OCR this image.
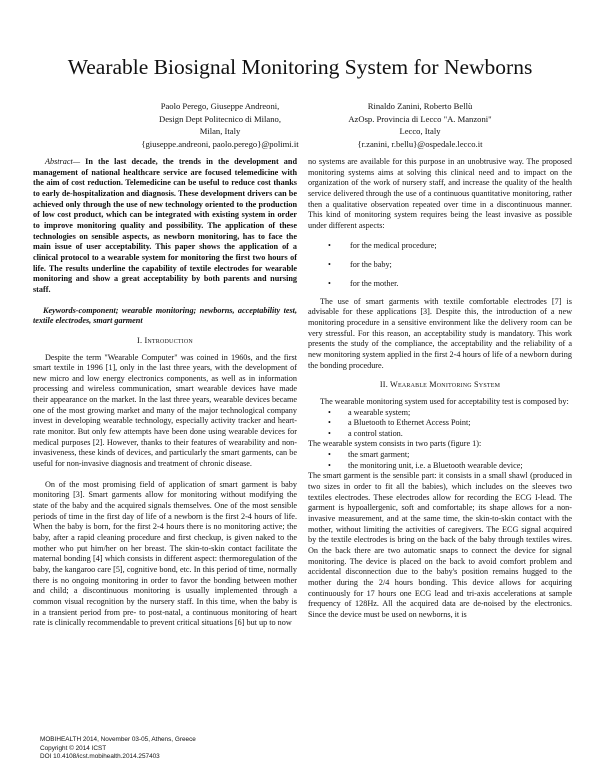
Wearable Biosignal Monitoring System for Newborns
Paolo Perego, Giuseppe Andreoni,
Design Dept Politecnico di Milano,
Milan, Italy
{giuseppe.andreoni, paolo.perego}@polimi.it
Rinaldo Zanini, Roberto Bellù
AzOsp. Provincia di Lecco "A. Manzoni"
Lecco, Italy
{r.zanini, r.bellu}@ospedale.lecco.it

Abstract— In the last decade, the trends in the development and management of national healthcare service are focused telemedicine with the aim of cost reduction. Telemedicine can be useful to reduce cost thanks to early de-hospitalization and diagnosis. These development drivers can be achieved only through the use of new technology oriented to the production of low cost product, which can be integrated with existing system in order to improve monitoring quality and possibility. The application of these technologies on sensible aspects, as newborn monitoring, has to face the main issue of user acceptability. This paper shows the application of a clinical protocol to a wearable system for monitoring the first two hours of life. The results underline the capability of textile electrodes for wearable monitoring and show a great acceptability by both parents and nursing staff.

Keywords-component; wearable monitoring; newborns, acceptability test, textile electrodes, smart garment

I. Introduction

Despite the term "Wearable Computer" was coined in 1960s, and the first smart textile in 1996 [1], only in the last three years, with the development of new micro and low energy electronics components, as well as in information processing and wireless communication, smart wearable devices have made their appearance on the market. In the last three years, wearable devices became one of the most growing market and many of the major technological company invest in developing wearable technology, especially activity tracker and heart-rate monitor. But only few attempts have been done using wearable devices for medical purposes [2]. However, thanks to their features of wearability and non-invasiveness, these kinds of devices, and particularly the smart garments, can be useful for non-invasive diagnosis and treatment of chronic disease.

On of the most promising field of application of smart garment is baby monitoring [3]. Smart garments allow for monitoring without modifying the state of the baby and the acquired signals themselves. One of the most sensible periods of time in the first day of life of a newborn is the first 2-4 hours of life. When the baby is born, for the first 2-4 hours there is no monitoring active; the baby, after a rapid cleaning procedure and first checkup, is given naked to the mother who put him/her on her breast. The skin-to-skin contact facilitate the maternal bonding [4] which consists in different aspect: thermoregulation of the baby, the kangaroo care [5], cognitive bond, etc. In this period of time, normally there is no ongoing monitoring in order to favor the bonding between mother and child; a discontinuous monitoring is usually implemented through a common visual recognition by the nursery staff. In this time, when the baby is in a transient period from pre- to post-natal, a continuous monitoring of heart rate is clinically recommendable to prevent critical situations [6] but up to now

no systems are available for this purpose in an unobtrusive way. The proposed monitoring systems aims at solving this clinical need and to impact on the organization of the work of nursery staff, and increase the quality of the health service delivered through the use of a continuous quantitative monitoring, rather then a qualitative observation repeated over time in a discontinuous manner. This kind of monitoring system requires being the least invasive as possible under different aspects:

• for the medical procedure;
• for the baby;
• for the mother.

The use of smart garments with textile comfortable electrodes [7] is advisable for these applications [3]. Despite this, the introduction of a new monitoring procedure in a sensitive environment like the delivery room can be very stressful. For this reason, an acceptability study is mandatory. This work presents the study of the compliance, the acceptability and the reliability of a new monitoring system applied in the first 2-4 hours of life of a newborn during the bonding procedure.

II. Wearable Monitoring System

The wearable monitoring system used for acceptability test is composed by:

• a wearable system;
• a Bluetooth to Ethernet Access Point;
• a control station.

The wearable system consists in two parts (figure 1):

• the smart garment;
• the monitoring unit, i.e. a Bluetooth wearable device;

The smart garment is the sensible part: it consists in a small shawl (produced in two sizes in order to fit all the babies), which includes on the sleeves two textiles electrodes. These electrodes allow for recording the ECG I-lead. The garment is hypoallergenic, soft and comfortable; its shape allows for a non-invasive measurement, and at the same time, the skin-to-skin contact with the mother, without limiting the activities of caregivers. The ECG signal acquired by the textile electrodes is bring on the back of the baby through textiles wires. On the back there are two automatic snaps to connect the device for signal monitoring. The device is placed on the back to avoid comfort problem and accidental disconnection due to the baby's position remains hugged to the mother during the 2/4 hours bonding. This device allows for acquiring continuously for 17 hours one ECG lead and tri-axis accelerations at sample frequency of 128Hz. All the acquired data are de-noised by the electronics. Since the device must be used on newborns, it is

MOBIHEALTH 2014, November 03-05, Athens, Greece
Copyright © 2014 ICST
DOI 10.4108/icst.mobihealth.2014.257403
